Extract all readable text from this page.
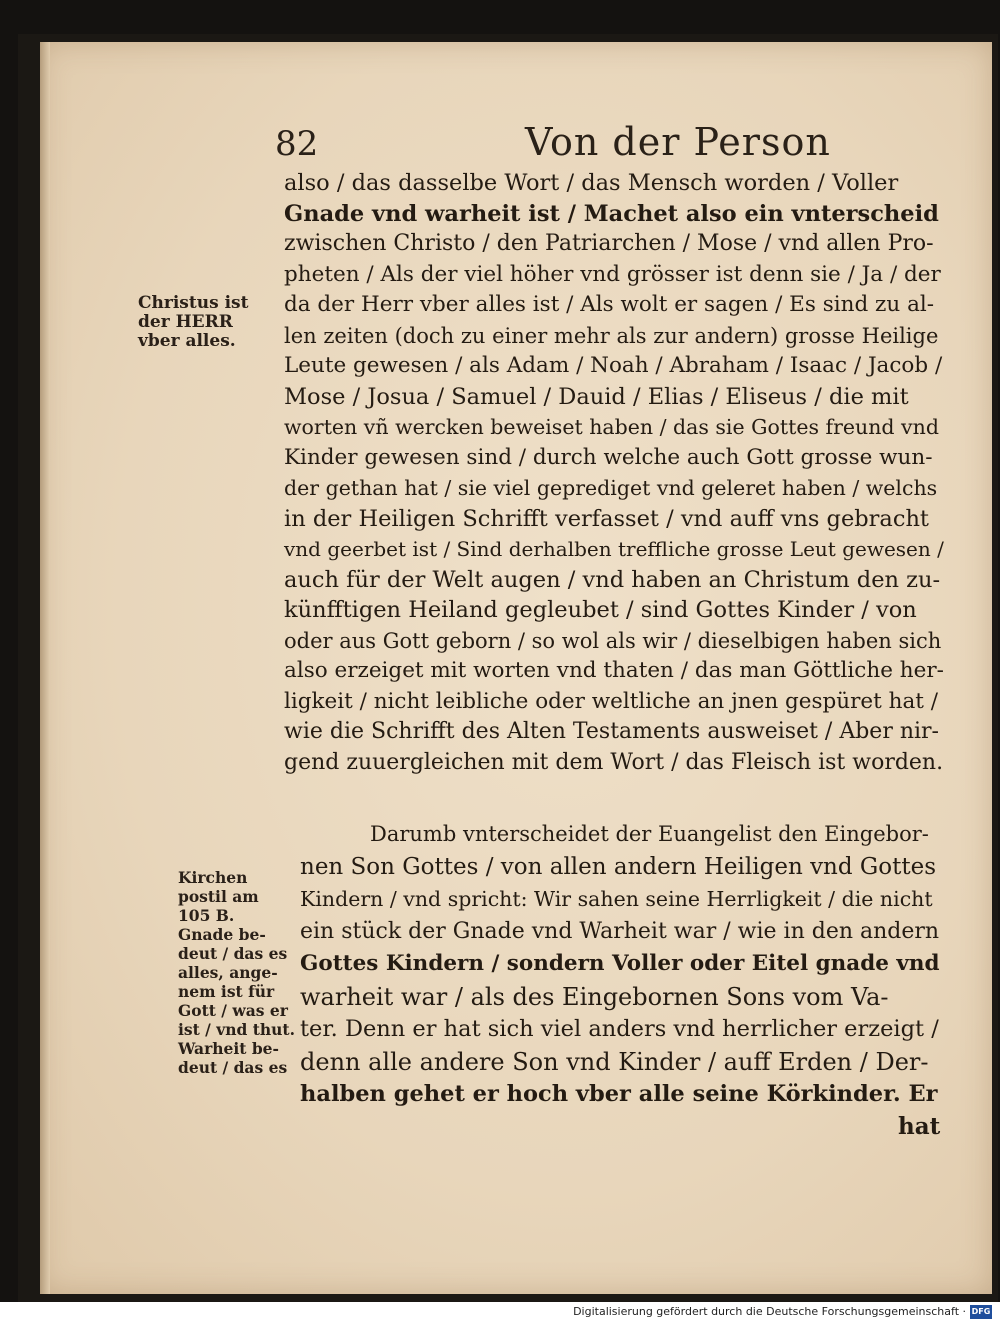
82	Von der Person
also / das dasselbe Wort / das Mensch worden / Voller
Gnade vnd warheit ist / Machet also ein vnterscheid
zwischen Christo / den Patriarchen / Mose / vnd allen Pro-
pheten / Als der viel höher vnd grösser ist denn sie / Ja / der
da der Herr vber alles ist / Als wolt er sagen / Es sind zu al-
len zeiten (doch zu einer mehr als zur andern) grosse Heilige
Leute gewesen / als Adam / Noah / Abraham / Isaac / Jacob /
Mose / Josua / Samuel / Dauid / Elias / Eliseus / die mit
worten vñ wercken beweiset haben / das sie Gottes freund vnd
Kinder gewesen sind / durch welche auch Gott grosse wun-
der gethan hat / sie viel geprediget vnd geleret haben / welchs
in der Heiligen Schrifft verfasset / vnd auff vns gebracht
vnd geerbet ist / Sind derhalben treffliche grosse Leut gewesen /
auch für der Welt augen / vnd haben an Christum den zu-
künfftigen Heiland gegleubet / sind Gottes Kinder / von
oder aus Gott geborn / so wol als wir / dieselbigen haben sich
also erzeiget mit worten vnd thaten / das man Göttliche her-
ligkeit / nicht leibliche oder weltliche an jnen gespüret hat /
wie die Schrifft des Alten Testaments ausweiset / Aber nir-
gend zuuergleichen mit dem Wort / das Fleisch ist worden.
Christus ist
der HERR
vber alles.
Darumb vnterscheidet der Euangelist den Eingebor-
nen Son Gottes / von allen andern Heiligen vnd Gottes
Kindern / vnd spricht: Wir sahen seine Herrligkeit / die nicht
ein stück der Gnade vnd Warheit war / wie in den andern
Gottes Kindern / sondern Voller oder Eitel gnade vnd
warheit war / als des Eingebornen Sons vom Va-
ter. Denn er hat sich viel anders vnd herrlicher erzeigt /
denn alle andere Son vnd Kinder / auff Erden / Der-
halben gehet er hoch vber alle seine Körkinder. Er
hat
Kirchen
postil am
105 B.
Gnade be-
deut / das es
alles, ange-
nem ist für
Gott / was er
ist / vnd thut.
Warheit be-
deut / das es
Digitalisierung gefördert durch die Deutsche Forschungsgemeinschaft · DFG
